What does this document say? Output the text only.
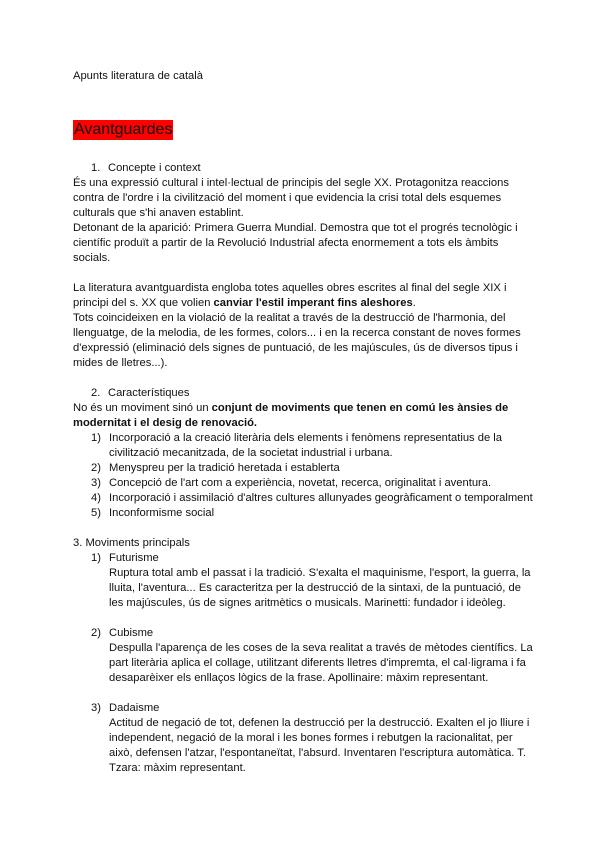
Apunts literatura de català
Avantguardes

1. Concepte i context

És una expressió cultural i intel·lectual de principis del segle XX. Protagonitza reaccions contra de l'ordre i la civilització del moment i que evidencia la crisi total dels esquemes culturals que s'hi anaven establint.

Detonant de la aparició: Primera Guerra Mundial. Demostra que tot el progrés tecnològic i científic produït a partir de la Revolució Industrial afecta enormement a tots els àmbits socials.

La literatura avantguardista engloba totes aquelles obres escrites al final del segle XIX i principi del s. XX que volien canviar l'estil imperant fins aleshores.

Tots coincideixen en la violació de la realitat a través de la destrucció de l'harmonia, del llenguatge, de la melodia, de les formes, colors... i en la recerca constant de noves formes d'expressió (eliminació dels signes de puntuació, de les majúscules, ús de diversos tipus i mides de lletres...).

2. Característiques

No és un moviment sinó un conjunt de moviments que tenen en comú les ànsies de modernitat i el desig de renovació.

1) Incorporació a la creació literària dels elements i fenòmens representatius de la civilització mecanitzada, de la societat industrial i urbana.
2) Menyspreu per la tradició heretada i establerta
3) Concepció de l'art com a experiència, novetat, recerca, originalitat i aventura.
4) Incorporació i assimilació d'altres cultures allunyades geogràficament o temporalment
5) Inconformisme social

3. Moviments principals

1) Futurisme

Ruptura total amb el passat i la tradició. S'exalta el maquinisme, l'esport, la guerra, la lluita, l'aventura... Es caracteritza per la destrucció de la sintaxi, de la puntuació, de les majúscules, ús de signes aritmètics o musicals. Marinetti: fundador i ideòleg.

2) Cubisme

Despulla l'aparença de les coses de la seva realitat a través de mètodes científics. La part literària aplica el collage, utilitzant diferents lletres d'impremta, el cal·ligrama i fa desaparèixer els enllaços lògics de la frase. Apollinaire: màxim representant.

3) Dadaisme

Actitud de negació de tot, defenen la destrucció per la destrucció. Exalten el jo lliure i independent, negació de la moral i les bones formes i rebutgen la racionalitat, per això, defensen l'atzar, l'espontaneïtat, l'absurd. Inventaren l'escriptura automàtica. T. Tzara: màxim representant.
